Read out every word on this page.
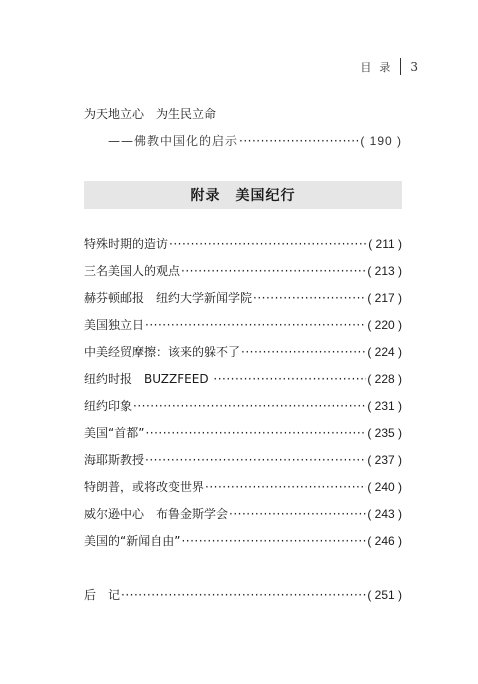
目录 3
为天地立心　为生民立命
——佛教中国化的启示 ·····	( 190 )
附录　美国纪行
特殊时期的造访 ·····	( 211 )
三名美国人的观点 ·····	( 213 )
赫芬顿邮报　纽约大学新闻学院 ·····	( 217 )
美国独立日 ·····	( 220 )
中美经贸摩擦：该来的躲不了 ·····	( 224 )
纽约时报　BUZZFEED ·····	( 228 )
纽约印象 ·····	( 231 )
美国“首都” ·····	( 235 )
海耶斯教授 ·····	( 237 )
特朗普，或将改变世界 ·····	( 240 )
威尔逊中心　布鲁金斯学会 ·····	( 243 )
美国的“新闻自由” ·····	( 246 )
后　记 ·····	( 251 )
